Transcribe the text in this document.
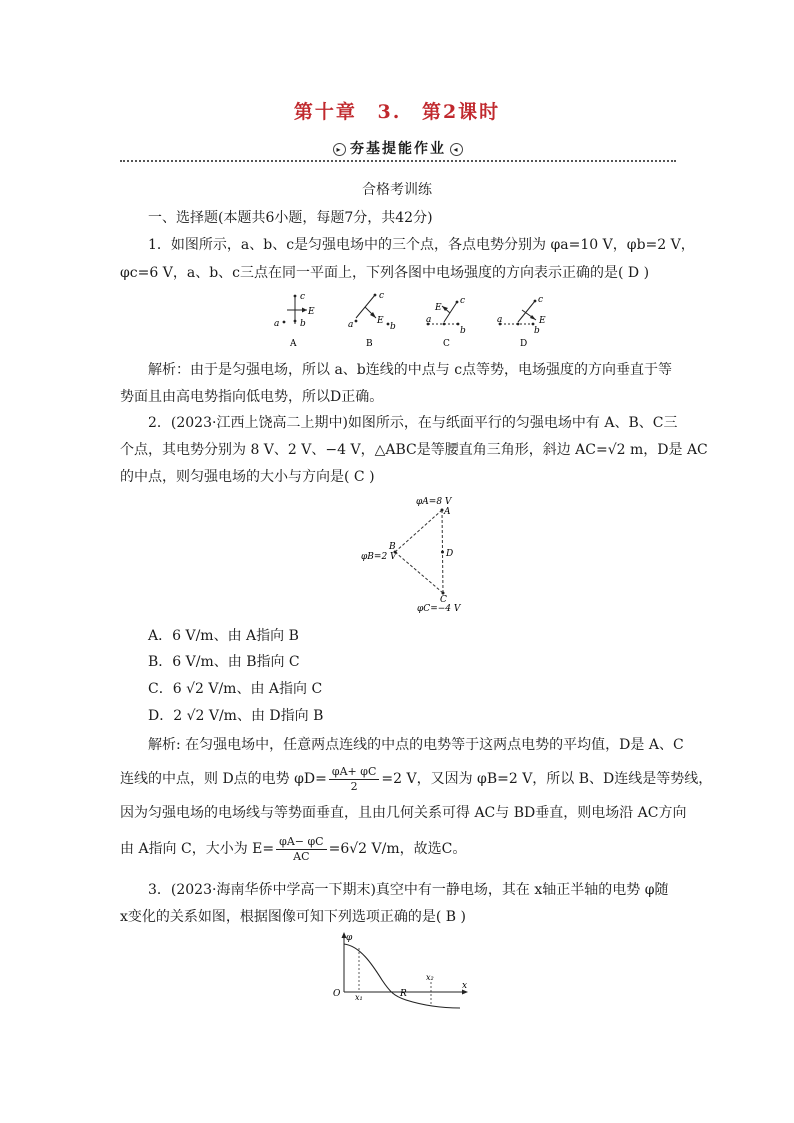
第十章 3. 第2课时
▸ 夯基提能作业 ◂
合格考训练
一、选择题(本题共6小题，每题7分，共42分)
1．如图所示，a、b、c是匀强电场中的三个点，各点电势分别为 φa=10 V，φb=2 V，
φc=6 V，a、b、c三点在同一平面上，下列各图中电场强度的方向表示正确的是( D )
c
E
b
a
A
c
E
a	b
B
c
E
a
b
C
c
E
a
b
D
解析：由于是匀强电场，所以 a、b连线的中点与 c点等势，电场强度的方向垂直于等
势面且由高电势指向低电势，所以D正确。
2．(2023·江西上饶高二上期中)如图所示，在与纸面平行的匀强电场中有 A、B、C三
个点，其电势分别为 8 V、2 V、−4 V，△ABC是等腰直角三角形，斜边 AC=√2 m，D是 AC
的中点，则匀强电场的大小与方向是( C )
φA=8 V
A
B
φB=2 V	D
C
φC=−4 V
A．6 V/m、由 A指向 B
B．6 V/m、由 B指向 C
C．6 √2 V/m、由 A指向 C
D．2 √2 V/m、由 D指向 B
解析: 在匀强电场中，任意两点连线的中点的电势等于这两点电势的平均值，D是 A、C
连线的中点，则 D点的电势 $\varphi D= \frac{\varphi A+ \varphi C}{2} =2$ V，又因为 φB=2 V，所以 B、D连线是等势线，
因为匀强电场的电场线与等势面垂直，且由几何关系可得 AC与 BD垂直，则电场沿 AC方向
由 A指向 C，大小为 $E= \frac{\varphi A- \varphi C}{AC} =6√2$ V/m，故选C。
3．(2023·海南华侨中学高一下期末)真空中有一静电场，其在 x轴正半轴的电势 φ随
x变化的关系如图，根据图像可知下列选项正确的是( B )
φ
O
x
x₁
x₂
R
